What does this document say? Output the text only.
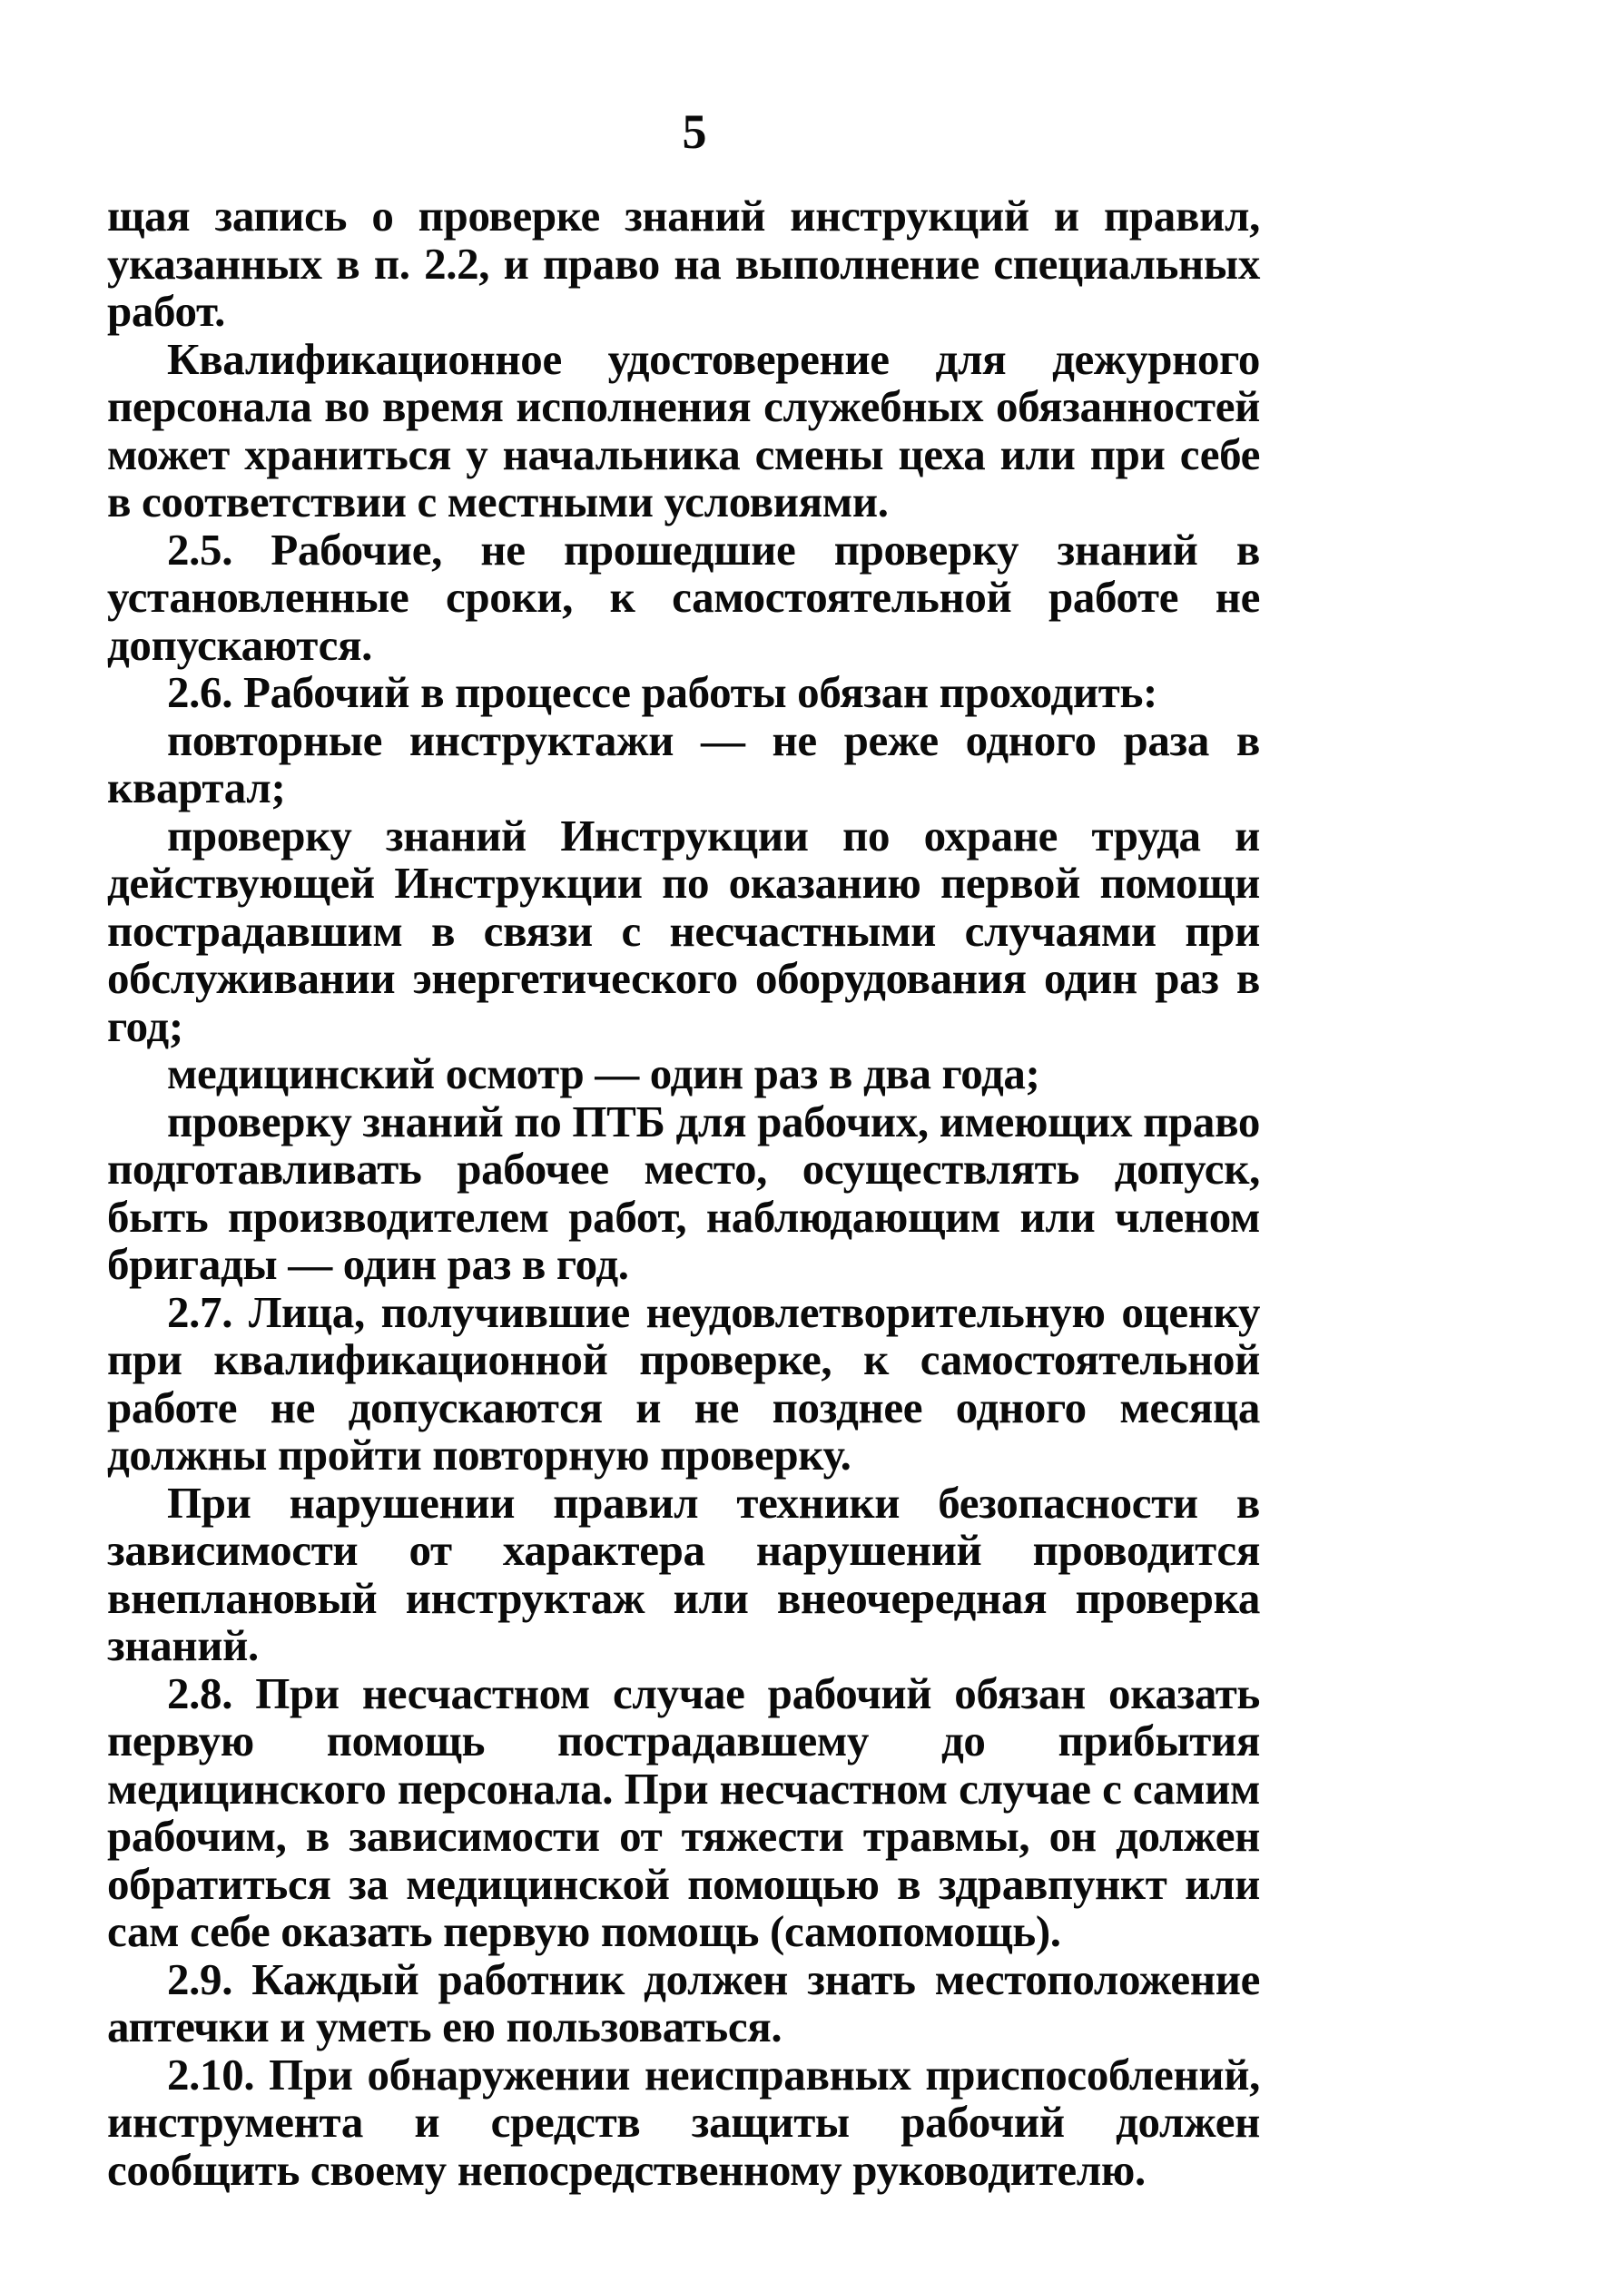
5

щая запись о проверке знаний инструкций и правил, указанных в п. 2.2, и право на выполнение специальных работ.

Квалификационное удостоверение для дежурного персонала во время исполнения служебных обязанностей может храниться у начальника смены цеха или при себе в соответствии с местными условиями.

2.5. Рабочие, не прошедшие проверку знаний в установленные сроки, к самостоятельной работе не допускаются.

2.6. Рабочий в процессе работы обязан проходить:

повторные инструктажи — не реже одного раза в квартал;

проверку знаний Инструкции по охране труда и действующей Инструкции по оказанию первой помощи пострадавшим в связи с несчастными случаями при обслуживании энергетического оборудования один раз в год;

медицинский осмотр — один раз в два года;

проверку знаний по ПТБ для рабочих, имеющих право подготавливать рабочее место, осуществлять допуск, быть производителем работ, наблюдающим или членом бригады — один раз в год.

2.7. Лица, получившие неудовлетворительную оценку при квалификационной проверке, к самостоятельной работе не допускаются и не позднее одного месяца должны пройти повторную проверку.

При нарушении правил техники безопасности в зависимости от характера нарушений проводится внеплановый инструктаж или внеочередная проверка знаний.

2.8. При несчастном случае рабочий обязан оказать первую помощь пострадавшему до прибытия медицинского персонала. При несчастном случае с самим рабочим, в зависимости от тяжести травмы, он должен обратиться за медицинской помощью в здравпункт или сам себе оказать первую помощь (самопомощь).

2.9. Каждый работник должен знать местоположение аптечки и уметь ею пользоваться.

2.10. При обнаружении неисправных приспособлений, инструмента и средств защиты рабочий должен сообщить своему непосредственному руководителю.
